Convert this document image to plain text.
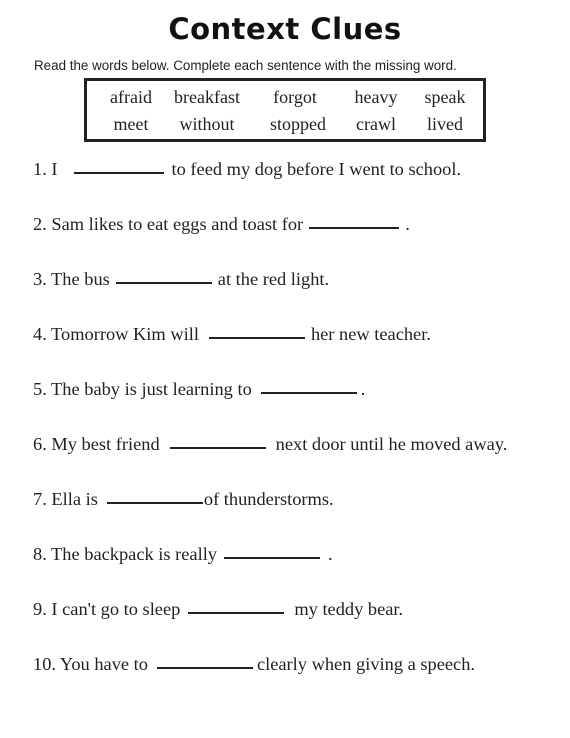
Context Clues
Read the words below. Complete each sentence with the missing word.
afraid breakfast forgot heavy speak
meet without stopped crawl lived
1. I	to feed my dog before I went to school.
2. Sam likes to eat eggs and toast for	.
3. The bus	at the red light.
4. Tomorrow Kim will	her new teacher.
5. The baby is just learning to	.
6. My best friend	next door until he moved away.
7. Ella is	of thunderstorms.
8. The backpack is really	.
9. I can't go to sleep	my teddy bear.
10. You have to	clearly when giving a speech.
